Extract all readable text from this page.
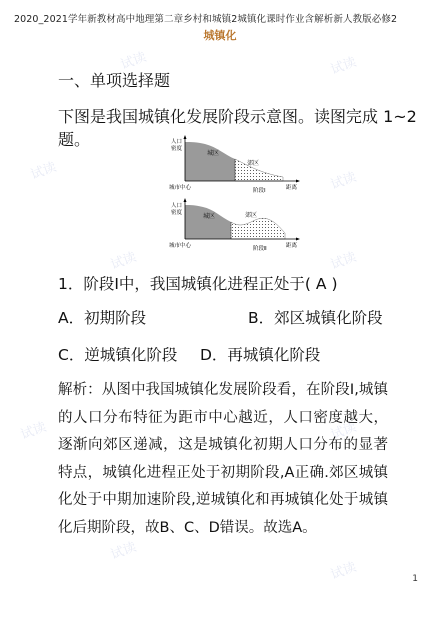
试读	试读
试读	试读
试读	试读
试读	试读
试读
试读
2020_2021学年新教材高中地理第二章乡村和城镇2城镇化课时作业含解析新人教版必修2
城镇化
一、单项选择题
下图是我国城镇化发展阶段示意图。读图完成 1~2 题。	人口
密度
城区
郊区
城市中心	阶段Ⅰ	距离
人口
密度	城区	郊区
城市中心	阶段Ⅱ	距离
1．阶段Ⅰ中，我国城镇化进程正处于( A )
A．初期阶段	B．郊区城镇化阶段
C．逆城镇化阶段 D．再城镇化阶段
解析：从图中我国城镇化发展阶段看，在阶段Ⅰ,城镇的人口分布特征为距市中心越近，人口密度越大，逐渐向郊区递减，这是城镇化初期人口分布的显著特点，城镇化进程正处于初期阶段,A正确.郊区城镇化处于中期加速阶段,逆城镇化和再城镇化处于城镇化后期阶段，故B、C、D错误。故选A。
1
